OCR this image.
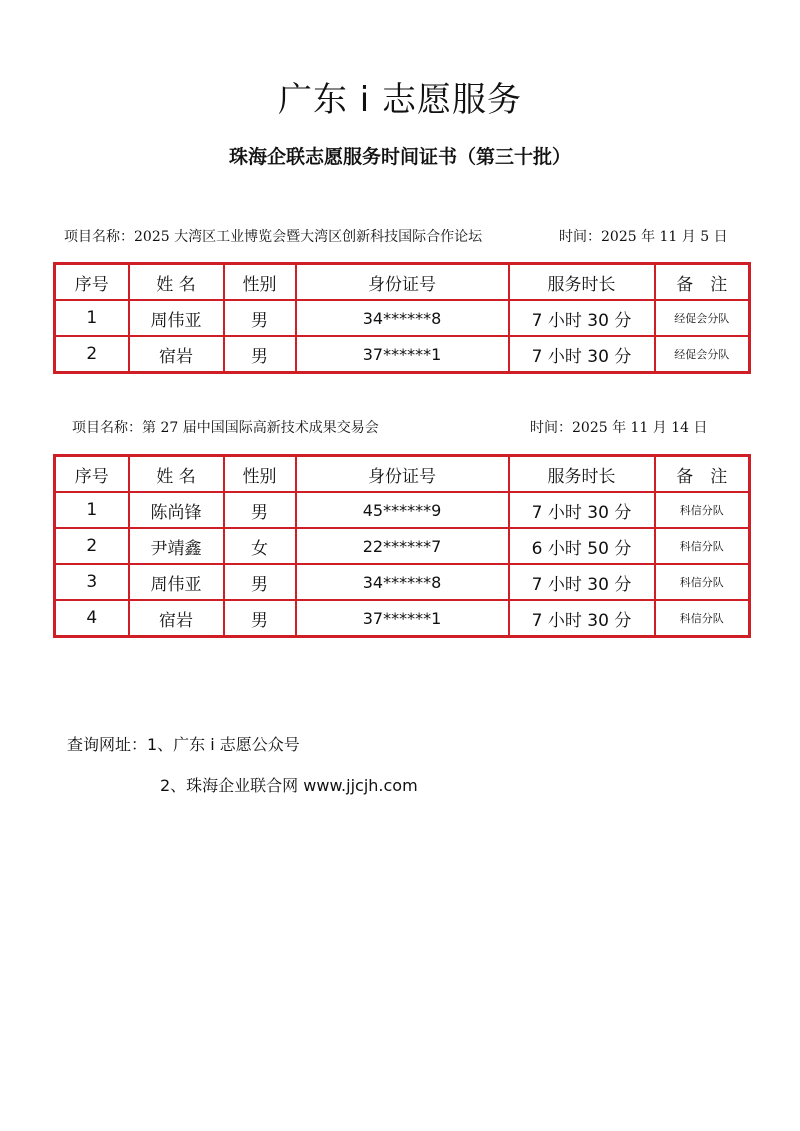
广东 i 志愿服务
珠海企联志愿服务时间证书（第三十批）
项目名称：2025 大湾区工业博览会暨大湾区创新科技国际合作论坛	时间：2025 年 11 月 5 日
序号	姓 名	性别	身份证号	服务时长	备　注
1	周伟亚	男	34******8	7 小时 30 分	经促会分队
2	宿岩	男	37******1	7 小时 30 分	经促会分队
项目名称：第 27 届中国国际高新技术成果交易会	时间：2025 年 11 月 14 日
序号	姓 名	性别	身份证号	服务时长	备　注
1	陈尚锋	男	45******9	7 小时 30 分	科信分队
2	尹靖鑫	女	22******7	6 小时 50 分	科信分队
3	周伟亚	男	34******8	7 小时 30 分	科信分队
4	宿岩	男	37******1	7 小时 30 分	科信分队
查询网址：1、广东 i 志愿公众号
2、珠海企业联合网 www.jjcjh.com
